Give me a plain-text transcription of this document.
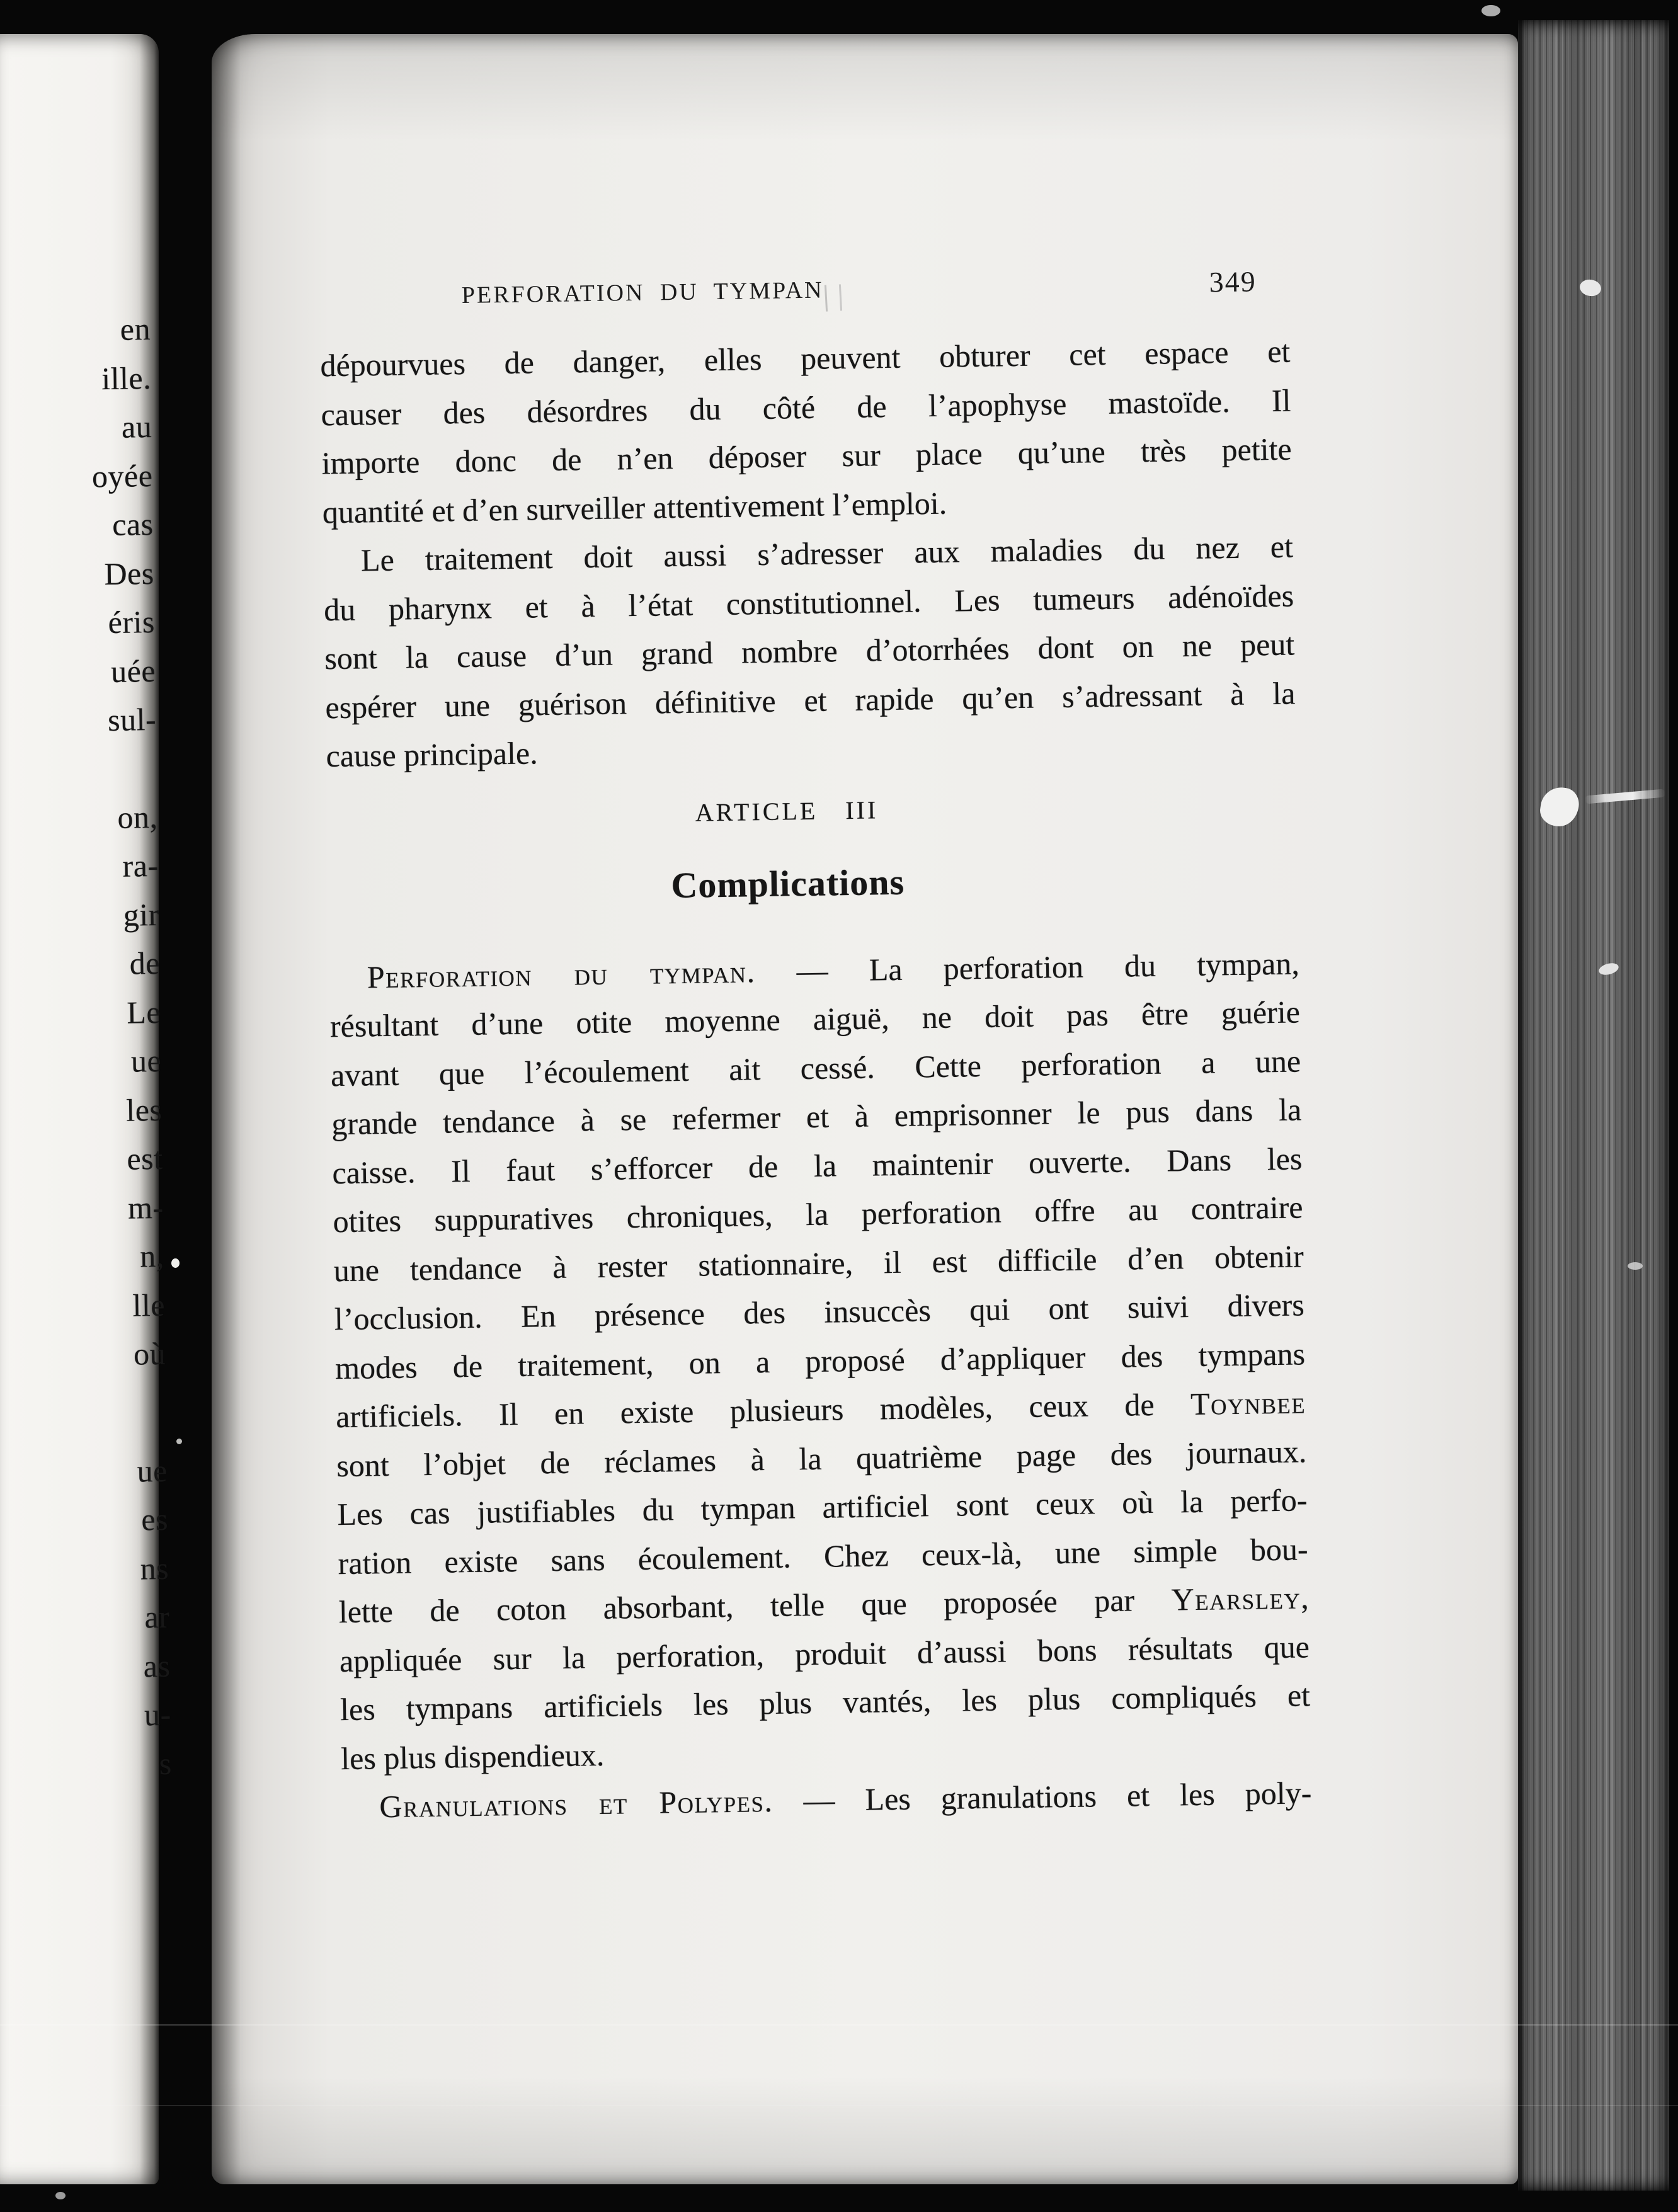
en
ille.
au
oyée
cas
Des
éris
uée
sul-
on,
ra-
gir
de
Le
ue
les
est
m-
n,
lle
où
ue
es
ns
ar
as
u-
s
PERFORATION DU TYMPAN	349
dépourvues de danger, elles peuvent obturer cet espace et
causer des désordres du côté de l’apophyse mastoïde. Il
importe donc de n’en déposer sur place qu’une très petite
quantité et d’en surveiller attentivement l’emploi.
Le traitement doit aussi s’adresser aux maladies du nez et
du pharynx et à l’état constitutionnel. Les tumeurs adénoïdes
sont la cause d’un grand nombre d’otorrhées dont on ne peut
espérer une guérison définitive et rapide qu’en s’adressant à la
cause principale.
ARTICLE III
Complications
Perforation du tympan. — La perforation du tympan,
résultant d’une otite moyenne aiguë, ne doit pas être guérie
avant que l’écoulement ait cessé. Cette perforation a une
grande tendance à se refermer et à emprisonner le pus dans la
caisse. Il faut s’efforcer de la maintenir ouverte. Dans les
otites suppuratives chroniques, la perforation offre au contraire
une tendance à rester stationnaire, il est difficile d’en obtenir
l’occlusion. En présence des insuccès qui ont suivi divers
modes de traitement, on a proposé d’appliquer des tympans
artificiels. Il en existe plusieurs modèles, ceux de Toynbee
sont l’objet de réclames à la quatrième page des journaux.
Les cas justifiables du tympan artificiel sont ceux où la perfo-
ration existe sans écoulement. Chez ceux-là, une simple bou-
lette de coton absorbant, telle que proposée par Yearsley,
appliquée sur la perforation, produit d’aussi bons résultats que
les tympans artificiels les plus vantés, les plus compliqués et
les plus dispendieux.
Granulations et Polypes. — Les granulations et les poly-
